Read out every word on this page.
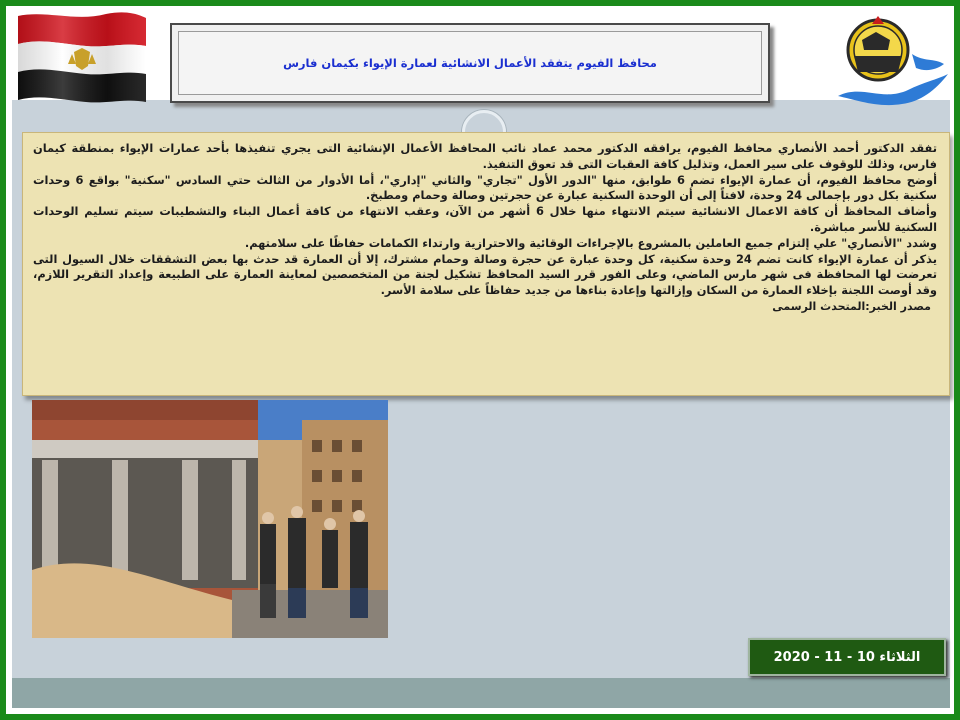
محافظ الفيوم يتفقد الأعمال الانشائية لعمارة الإيواء بكيمان فارس

تفقد الدكتور أحمد الأنصاري محافظ الفيوم، يرافقه الدكتور محمد عماد نائب المحافظ الأعمال الإنشائية التى يجري تنفيذها بأحد عمارات الإيواء بمنطقة كيمان فارس، وذلك للوقوف على سير العمل، وتذليل كافة العقبات التى قد تعوق التنفيذ.

أوضح محافظ الفيوم، أن عمارة الإيواء تضم 6 طوابق، منها "الدور الأول "تجاري" والثاني "إداري"، أما الأدوار من الثالث حتي السادس "سكنية" بواقع 6 وحدات سكنية بكل دور بإجمالى 24 وحدة، لافتاً إلى أن الوحدة السكنية عبارة عن حجرتين وصالة وحمام ومطبخ.

وأضاف المحافظ أن كافة الاعمال الانشائية سيتم الانتهاء منها خلال 6 أشهر من الآن، وعقب الانتهاء من كافة أعمال البناء والتشطيبات سيتم تسليم الوحدات السكنية للأسر مباشرة.

وشدد "الأنصاري" علي إلتزام جميع العاملين بالمشروع بالإجراءات الوقائية والاحترازية وارتداء الكمامات حفاظًا على سلامتهم.

يذكر أن عمارة الإيواء كانت تضم 24 وحدة سكنية، كل وحدة عبارة عن حجرة وصالة وحمام مشترك، إلا أن العمارة قد حدث بها بعض التشققات خلال السيول التى تعرضت لها المحافظة فى شهر مارس الماضي، وعلى الفور قرر السيد المحافظ تشكيل لجنة من المتخصصين لمعاينة العمارة على الطبيعة وإعداد التقرير اللازم، وقد أوصت اللجنة بإخلاء العمارة من السكان وإزالتها وإعادة بناءها من جديد حفاظاً على سلامة الأسر.

مصدر الخبر:المتحدث الرسمى
الثلاثاء 10 - 11 - 2020
